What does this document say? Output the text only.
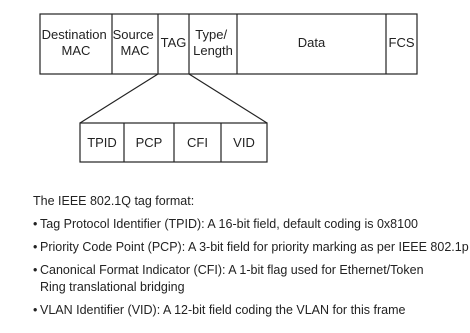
Destination MAC
Source MAC
TAG
Type/ Length
Data	FCS
TPID PCP CFI VID

The IEEE 802.1Q tag format:

• Tag Protocol Identifier (TPID): A 16-bit field, default coding is 0x8100
• Priority Code Point (PCP): A 3-bit field for priority marking as per IEEE 802.1p
• Canonical Format Indicator (CFI): A 1-bit flag used for Ethernet/Token
Ring translational bridging
• VLAN Identifier (VID): A 12-bit field coding the VLAN for this frame
